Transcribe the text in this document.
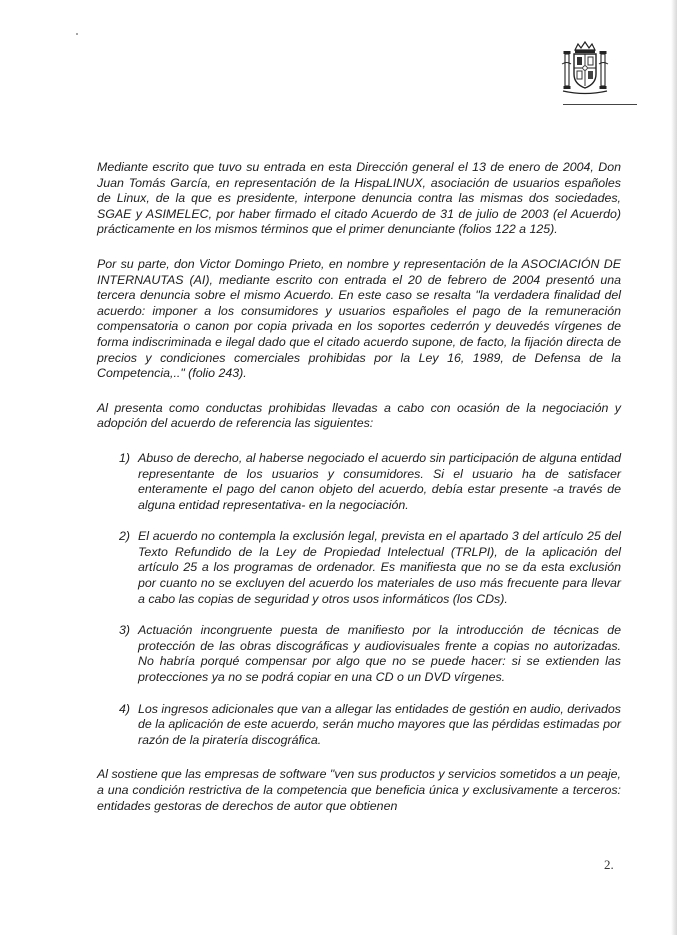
Mediante escrito que tuvo su entrada en esta Dirección general el 13 de enero de 2004, Don Juan Tomás García, en representación de la HispaLINUX, asociación de usuarios españoles de Linux, de la que es presidente, interpone denuncia contra las mismas dos sociedades, SGAE y ASIMELEC, por haber firmado el citado Acuerdo de 31 de julio de 2003 (el Acuerdo) prácticamente en los mismos términos que el primer denunciante (folios 122 a 125).

Por su parte, don Victor Domingo Prieto, en nombre y representación de la ASOCIACIÓN DE INTERNAUTAS (AI), mediante escrito con entrada el 20 de febrero de 2004 presentó una tercera denuncia sobre el mismo Acuerdo. En este caso se resalta "la verdadera finalidad del acuerdo: imponer a los consumidores y usuarios españoles el pago de la remuneración compensatoria o canon por copia privada en los soportes cederrón y deuvedés vírgenes de forma indiscriminada e ilegal dado que el citado acuerdo supone, de facto, la fijación directa de precios y condiciones comerciales prohibidas por la Ley 16, 1989, de Defensa de la Competencia,.." (folio 243).

Al presenta como conductas prohibidas llevadas a cabo con ocasión de la negociación y adopción del acuerdo de referencia las siguientes:

1) Abuso de derecho, al haberse negociado el acuerdo sin participación de alguna entidad representante de los usuarios y consumidores. Si el usuario ha de satisfacer enteramente el pago del canon objeto del acuerdo, debía estar presente -a través de alguna entidad representativa- en la negociación.
2) El acuerdo no contempla la exclusión legal, prevista en el apartado 3 del artículo 25 del Texto Refundido de la Ley de Propiedad Intelectual (TRLPI), de la aplicación del artículo 25 a los programas de ordenador. Es manifiesta que no se da esta exclusión por cuanto no se excluyen del acuerdo los materiales de uso más frecuente para llevar a cabo las copias de seguridad y otros usos informáticos (los CDs).
3) Actuación incongruente puesta de manifiesto por la introducción de técnicas de protección de las obras discográficas y audiovisuales frente a copias no autorizadas. No habría porqué compensar por algo que no se puede hacer: si se extienden las protecciones ya no se podrá copiar en una CD o un DVD vírgenes.
4) Los ingresos adicionales que van a allegar las entidades de gestión en audio, derivados de la aplicación de este acuerdo, serán mucho mayores que las pérdidas estimadas por razón de la piratería discográfica.

Al sostiene que las empresas de software "ven sus productos y servicios sometidos a un peaje, a una condición restrictiva de la competencia que beneficia única y exclusivamente a terceros: entidades gestoras de derechos de autor que obtienen

2.
